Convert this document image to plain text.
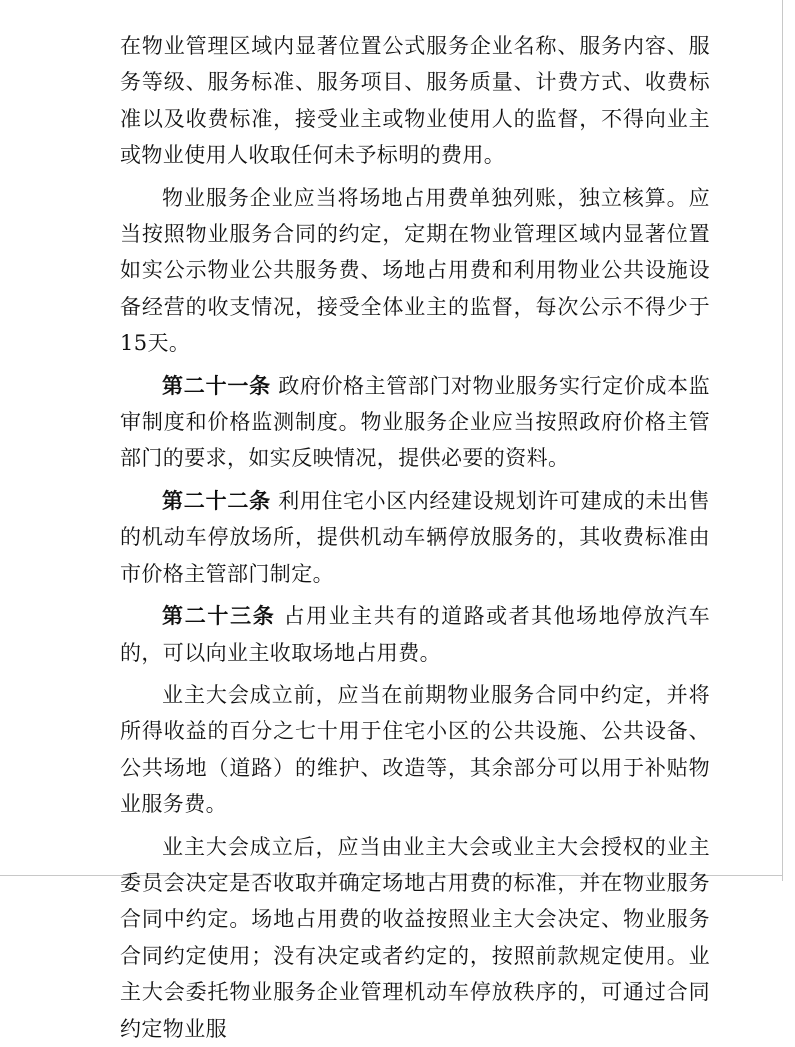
在物业管理区域内显著位置公式服务企业名称、服务内容、服务等级、服务标准、服务项目、服务质量、计费方式、收费标准以及收费标准，接受业主或物业使用人的监督，不得向业主或物业使用人收取任何未予标明的费用。

物业服务企业应当将场地占用费单独列账，独立核算。应当按照物业服务合同的约定，定期在物业管理区域内显著位置如实公示物业公共服务费、场地占用费和利用物业公共设施设备经营的收支情况，接受全体业主的监督，每次公示不得少于15天。

第二十一条 政府价格主管部门对物业服务实行定价成本监审制度和价格监测制度。物业服务企业应当按照政府价格主管部门的要求，如实反映情况，提供必要的资料。

第二十二条 利用住宅小区内经建设规划许可建成的未出售的机动车停放场所，提供机动车辆停放服务的，其收费标准由市价格主管部门制定。

第二十三条 占用业主共有的道路或者其他场地停放汽车的，可以向业主收取场地占用费。

业主大会成立前，应当在前期物业服务合同中约定，并将所得收益的百分之七十用于住宅小区的公共设施、公共设备、公共场地（道路）的维护、改造等，其余部分可以用于补贴物业服务费。

业主大会成立后，应当由业主大会或业主大会授权的业主委员会决定是否收取并确定场地占用费的标准，并在物业服务合同中约定。场地占用费的收益按照业主大会决定、物业服务合同约定使用；没有决定或者约定的，按照前款规定使用。业主大会委托物业服务企业管理机动车停放秩序的，可通过合同约定物业服
